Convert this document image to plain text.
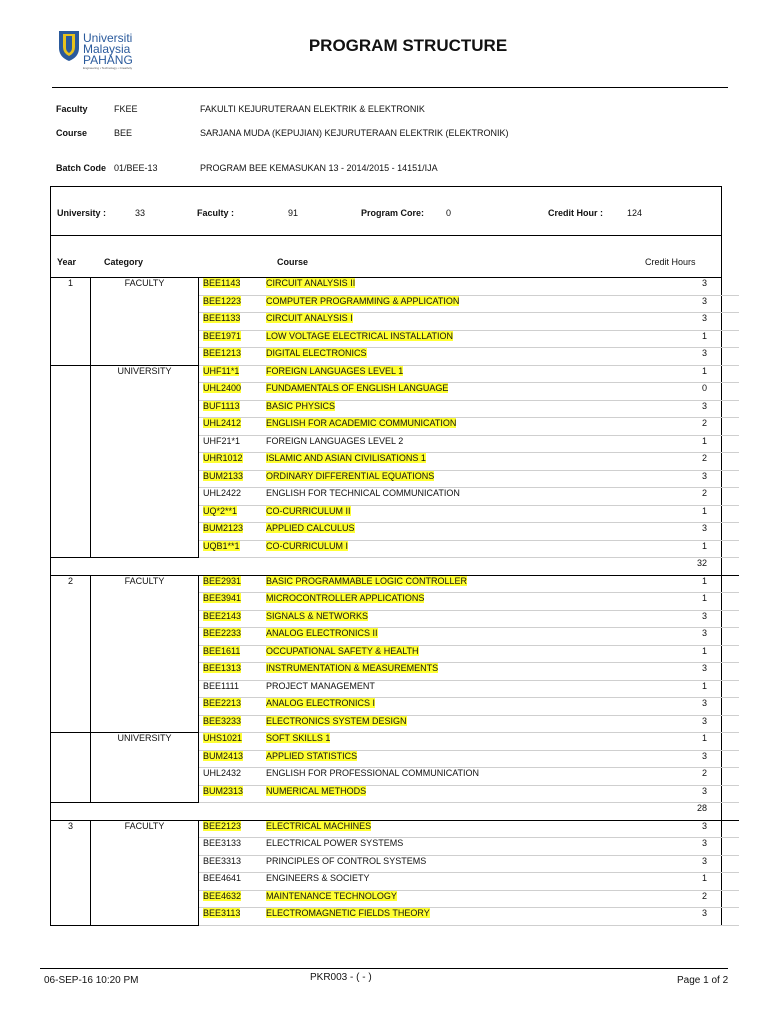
Universiti
Malaysia
PAHANG
Engineering • Technology • Creativity
PROGRAM STRUCTURE
Faculty	FKEE	FAKULTI KEJURUTERAAN ELEKTRIK & ELEKTRONIK
Course	BEE	SARJANA MUDA (KEPUJIAN) KEJURUTERAAN ELEKTRIK (ELEKTRONIK)
Batch Code 01/BEE-13	PROGRAM BEE KEMASUKAN 13 - 2014/2015 - 14151/IJA
University :	33	Faculty :	91	Program Core: 0	Credit Hour :	124
Year	Category	Course	Credit Hours
1	FACULTY	BEE1143	CIRCUIT ANALYSIS II	3
		BEE1223	COMPUTER PROGRAMMING & APPLICATION	3
		BEE1133	CIRCUIT ANALYSIS I	3
		BEE1971	LOW VOLTAGE ELECTRICAL INSTALLATION	1
		BEE1213	DIGITAL ELECTRONICS	3
	UNIVERSITY	UHF11*1	FOREIGN LANGUAGES LEVEL 1	1
		UHL2400	FUNDAMENTALS OF ENGLISH LANGUAGE	0
		BUF1113	BASIC PHYSICS	3
		UHL2412	ENGLISH FOR ACADEMIC COMMUNICATION	2
		UHF21*1	FOREIGN LANGUAGES LEVEL 2	1
		UHR1012	ISLAMIC AND ASIAN CIVILISATIONS 1	2
		BUM2133	ORDINARY DIFFERENTIAL EQUATIONS	3
		UHL2422	ENGLISH FOR TECHNICAL COMMUNICATION	2
		UQ*2**1	CO-CURRICULUM II	1
		BUM2123	APPLIED CALCULUS	3
		UQB1**1	CO-CURRICULUM I	1
				32
2	FACULTY	BEE2931	BASIC PROGRAMMABLE LOGIC CONTROLLER	1
		BEE3941	MICROCONTROLLER APPLICATIONS	1
		BEE2143	SIGNALS & NETWORKS	3
		BEE2233	ANALOG ELECTRONICS II	3
		BEE1611	OCCUPATIONAL SAFETY & HEALTH	1
		BEE1313	INSTRUMENTATION & MEASUREMENTS	3
		BEE1111	PROJECT MANAGEMENT	1
		BEE2213	ANALOG ELECTRONICS I	3
		BEE3233	ELECTRONICS SYSTEM DESIGN	3
	UNIVERSITY	UHS1021	SOFT SKILLS 1	1
		BUM2413	APPLIED STATISTICS	3
		UHL2432	ENGLISH FOR PROFESSIONAL COMMUNICATION	2
		BUM2313	NUMERICAL METHODS	3
				28
3	FACULTY	BEE2123	ELECTRICAL MACHINES	3
		BEE3133	ELECTRICAL POWER SYSTEMS	3
		BEE3313	PRINCIPLES OF CONTROL SYSTEMS	3
		BEE4641	ENGINEERS & SOCIETY	1
		BEE4632	MAINTENANCE TECHNOLOGY	2
		BEE3113	ELECTROMAGNETIC FIELDS THEORY	3
06-SEP-16 10:20 PM	PKR003 - ( - )	Page 1 of 2
